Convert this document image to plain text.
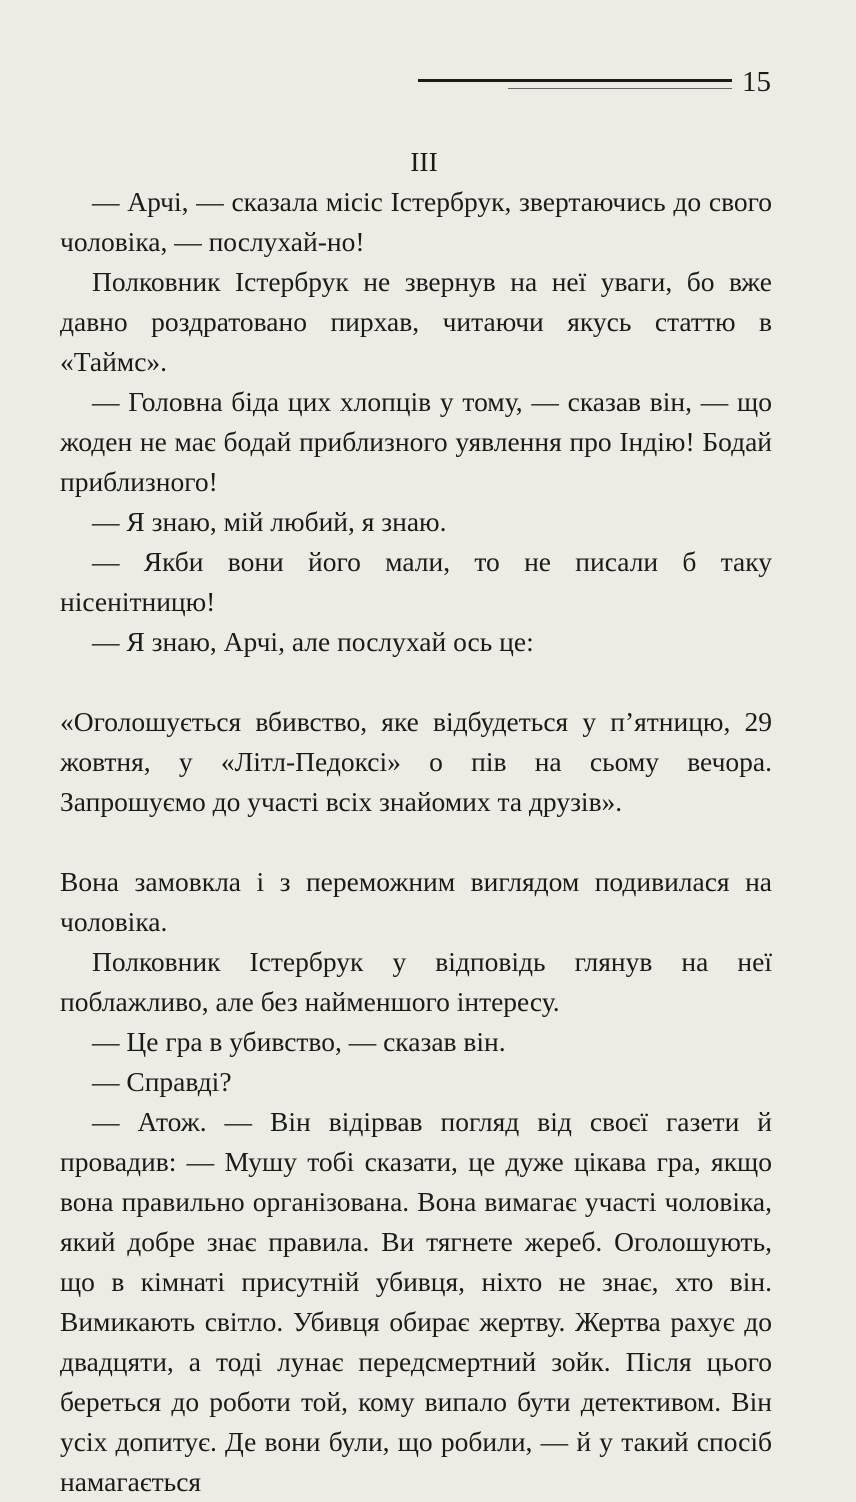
15

III

— Арчі, — сказала місіс Істербрук, звертаючись до свого чоловіка, — послухай-но!

Полковник Істербрук не звернув на неї уваги, бо вже давно роздратовано пирхав, читаючи якусь статтю в «Таймс».

— Головна біда цих хлопців у тому, — сказав він, — що жоден не має бодай приблизного уявлення про Індію! Бодай приблизного!

— Я знаю, мій любий, я знаю.

— Якби вони його мали, то не писали б таку нісенітницю!

— Я знаю, Арчі, але послухай ось це:

«Оголошується вбивство, яке відбудеться у п’ятницю, 29 жовтня, у «Літл-Педоксі» о пів на сьому вечора. Запрошуємо до участі всіх знайомих та друзів».

Вона замовкла і з переможним виглядом подивилася на чоловіка.

Полковник Істербрук у відповідь глянув на неї поблажливо, але без найменшого інтересу.

— Це гра в убивство, — сказав він.

— Справді?

— Атож. — Він відірвав погляд від своєї газети й провадив: — Мушу тобі сказати, це дуже цікава гра, якщо вона правильно організована. Вона вимагає участі чоловіка, який добре знає правила. Ви тягнете жереб. Оголошують, що в кімнаті присутній убивця, ніхто не знає, хто він. Вимикають світло. Убивця обирає жертву. Жертва рахує до двадцяти, а тоді лунає передсмертний зойк. Після цього береться до роботи той, кому випало бути детективом. Він усіх допитує. Де вони були, що робили, — й у такий спосіб намагається
